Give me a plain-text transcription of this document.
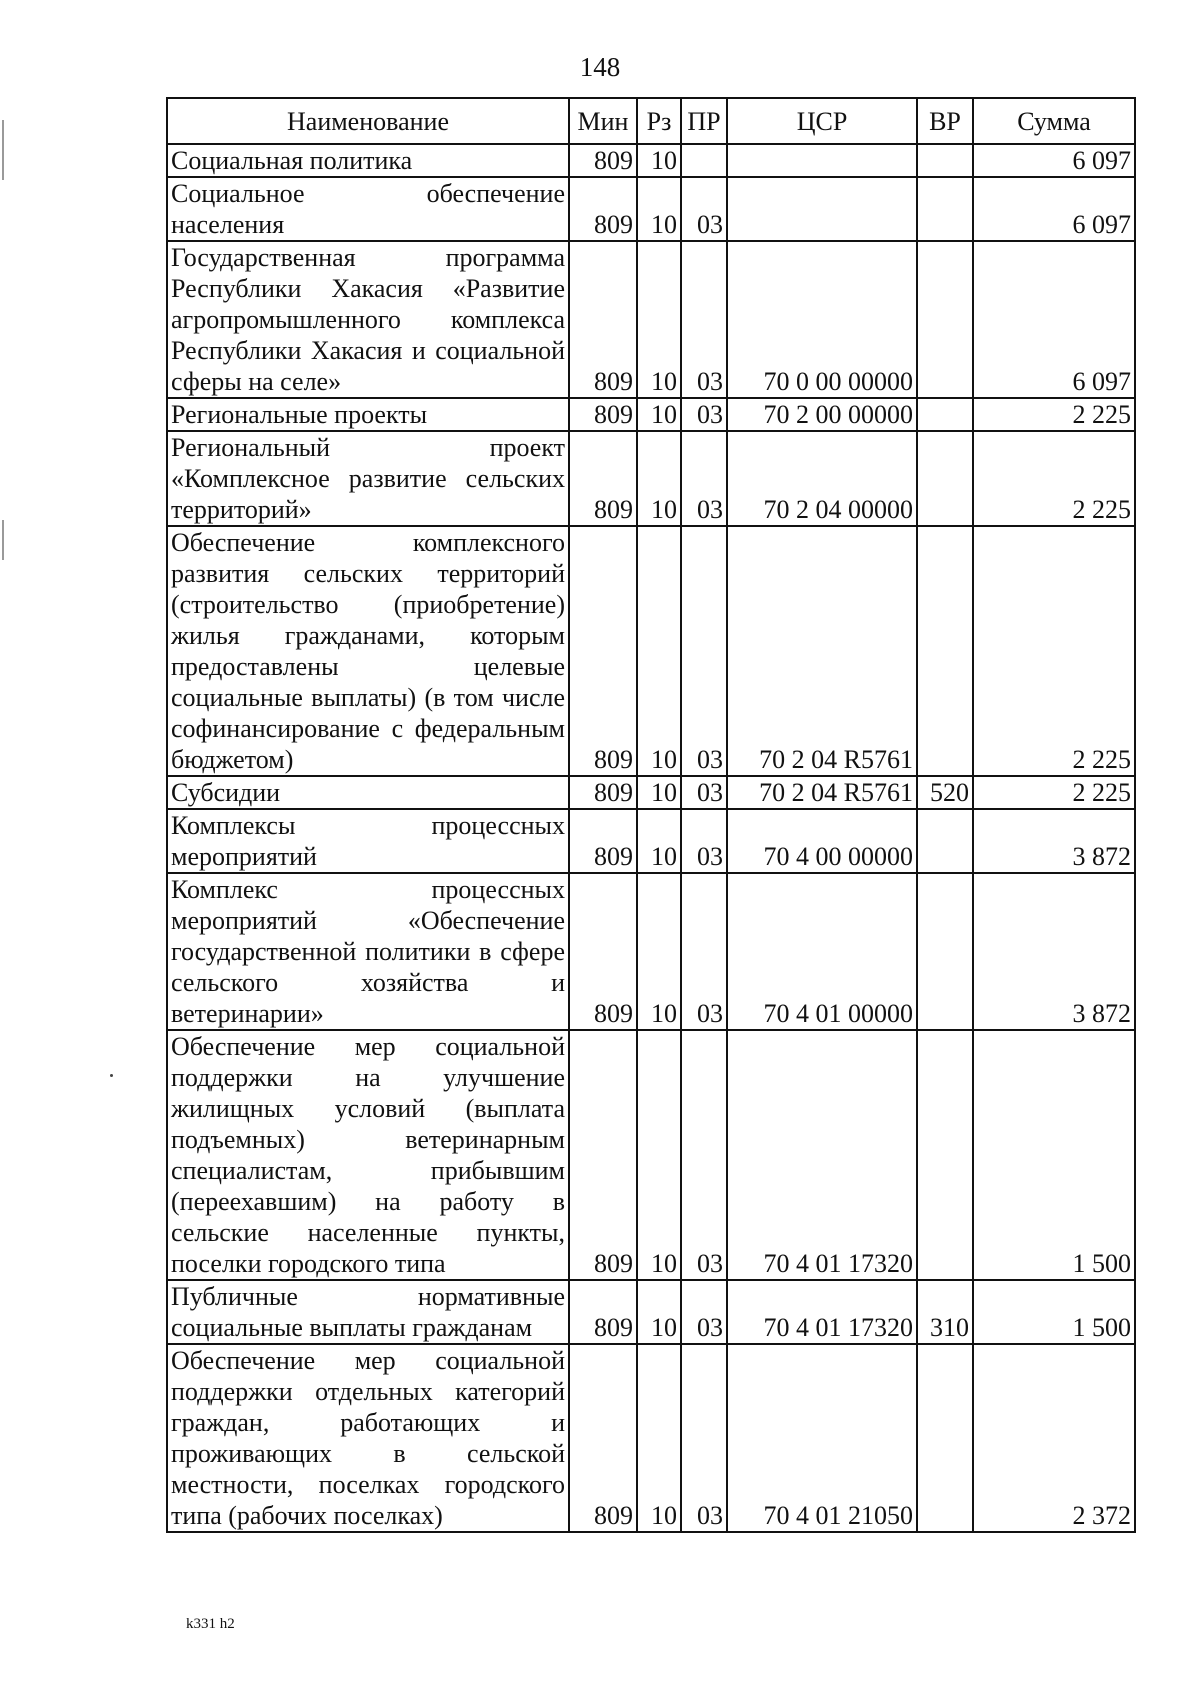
148
Наименование	Мин	Рз	ПР	ЦСР	ВР	Сумма
Социальная политика	809	10				6 097
Социальное обеспечение населения	809	10	03			6 097
Государственная программа Республики Хакасия «Развитие агропромышленного комплекса Республики Хакасия и социальной сферы на селе»	809	10	03	70 0 00 00000		6 097
Региональные проекты	809	10	03	70 2 00 00000		2 225
Региональный проект «Комплексное развитие сельских территорий»	809	10	03	70 2 04 00000		2 225
Обеспечение комплексного развития сельских территорий (строительство (приобретение) жилья гражданами, которым предоставлены целевые социальные выплаты) (в том числе софинансирование с федеральным бюджетом)	809	10	03	70 2 04 R5761		2 225
Субсидии	809	10	03	70 2 04 R5761	520	2 225
Комплексы процессных мероприятий	809	10	03	70 4 00 00000		3 872
Комплекс процессных мероприятий «Обеспечение государственной политики в сфере сельского хозяйства и ветеринарии»	809	10	03	70 4 01 00000		3 872
Обеспечение мер социальной поддержки на улучшение жилищных условий (выплата подъемных) ветеринарным специалистам, прибывшим (переехавшим) на работу в сельские населенные пункты, поселки городского типа	809	10	03	70 4 01 17320		1 500
Публичные нормативные социальные выплаты гражданам	809	10	03	70 4 01 17320	310	1 500
Обеспечение мер социальной поддержки отдельных категорий граждан, работающих и проживающих в сельской местности, поселках городского типа (рабочих поселках)	809	10	03	70 4 01 21050		2 372
k331 h2
